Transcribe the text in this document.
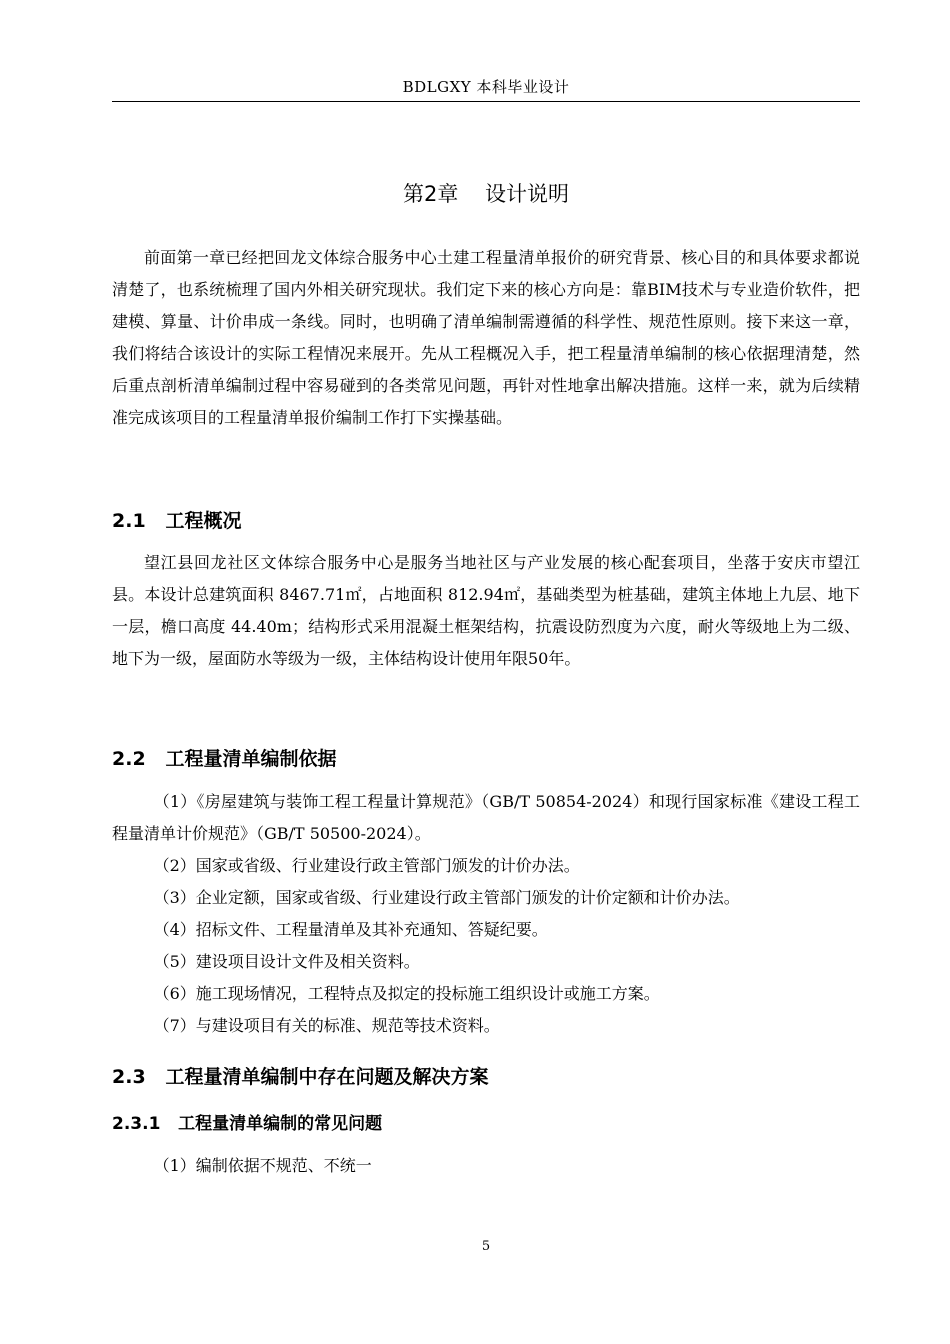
BDLGXY 本科毕业设计
第2章    设计说明

前面第一章已经把回龙文体综合服务中心土建工程量清单报价的研究背景、核心目的和具体要求都说清楚了，也系统梳理了国内外相关研究现状。我们定下来的核心方向是：靠BIM技术与专业造价软件，把建模、算量、计价串成一条线。同时，也明确了清单编制需遵循的科学性、规范性原则。接下来这一章，我们将结合该设计的实际工程情况来展开。先从工程概况入手，把工程量清单编制的核心依据理清楚，然后重点剖析清单编制过程中容易碰到的各类常见问题，再针对性地拿出解决措施。这样一来，就为后续精准完成该项目的工程量清单报价编制工作打下实操基础。

2.1   工程概况

望江县回龙社区文体综合服务中心是服务当地社区与产业发展的核心配套项目，坐落于安庆市望江县。本设计总建筑面积 8467.71㎡，占地面积 812.94㎡，基础类型为桩基础，建筑主体地上九层、地下一层，檐口高度 44.40m；结构形式采用混凝土框架结构，抗震设防烈度为六度，耐火等级地上为二级、地下为一级，屋面防水等级为一级，主体结构设计使用年限50年。

2.2   工程量清单编制依据

（1）《房屋建筑与装饰工程工程量计算规范》（GB/T 50854-2024）和现行国家标准《建设工程工程量清单计价规范》（GB/T 50500-2024）。

（2）国家或省级、行业建设行政主管部门颁发的计价办法。

（3）企业定额，国家或省级、行业建设行政主管部门颁发的计价定额和计价办法。

（4）招标文件、工程量清单及其补充通知、答疑纪要。

（5）建设项目设计文件及相关资料。

（6）施工现场情况，工程特点及拟定的投标施工组织设计或施工方案。

（7）与建设项目有关的标准、规范等技术资料。

2.3   工程量清单编制中存在问题及解决方案
2.3.1   工程量清单编制的常见问题

（1）编制依据不规范、不统一

5
